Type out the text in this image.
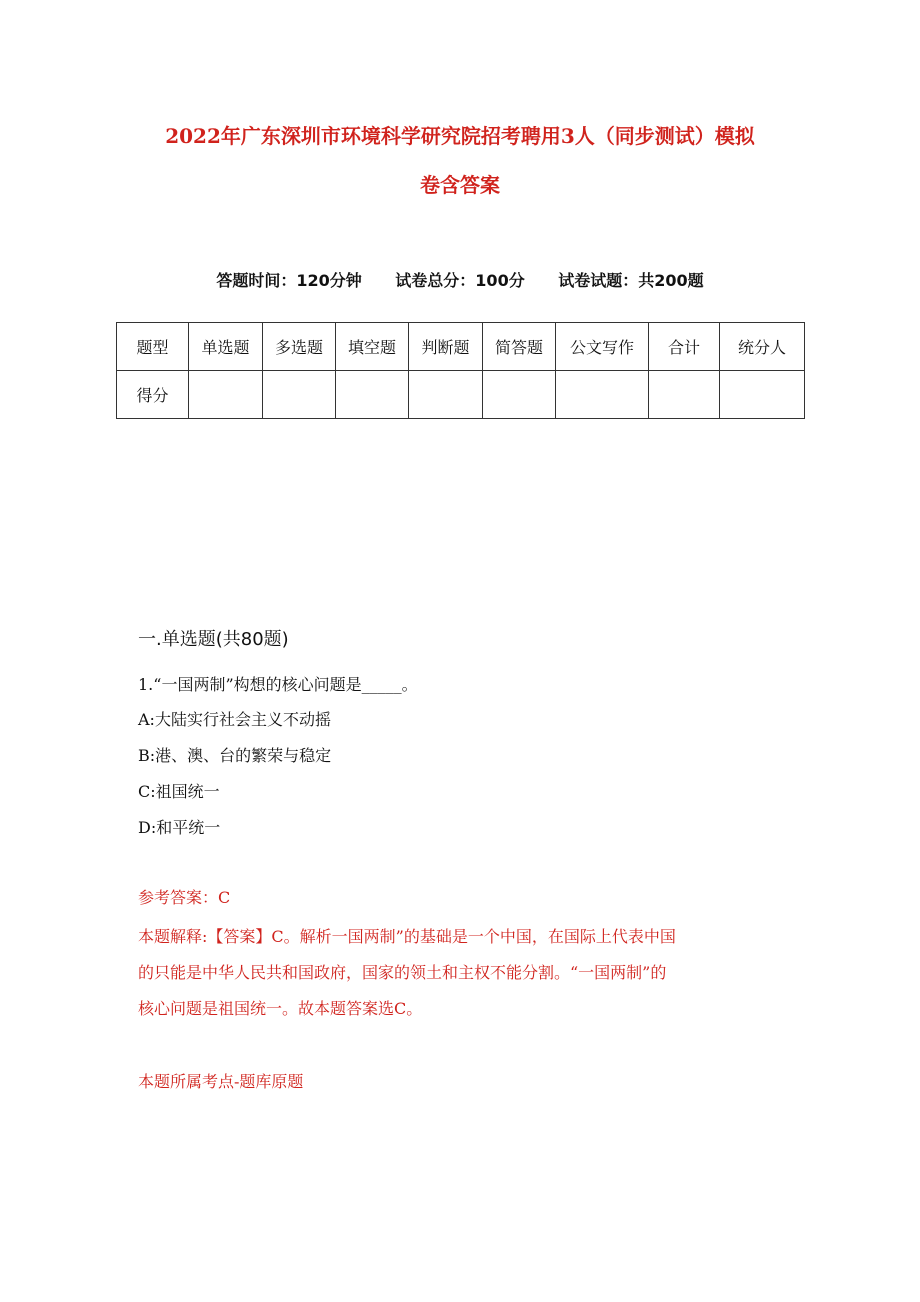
2022年广东深圳市环境科学研究院招考聘用3人（同步测试）模拟
卷含答案
答题时间：120分钟 试卷总分：100分 试卷试题：共200题
题型	单选题	多选题	填空题	判断题	简答题	公文写作	合计	统分人
得分								
一.单选题(共80题)
1.“一国两制”构想的核心问题是_____。
A:大陆实行社会主义不动摇
B:港、澳、台的繁荣与稳定
C:祖国统一
D:和平统一
参考答案：C
本题解释:【答案】C。解析一国两制”的基础是一个中国，在国际上代表中国
的只能是中华人民共和国政府，国家的领土和主权不能分割。“一国两制”的
核心问题是祖国统一。故本题答案选C。
本题所属考点-题库原题
